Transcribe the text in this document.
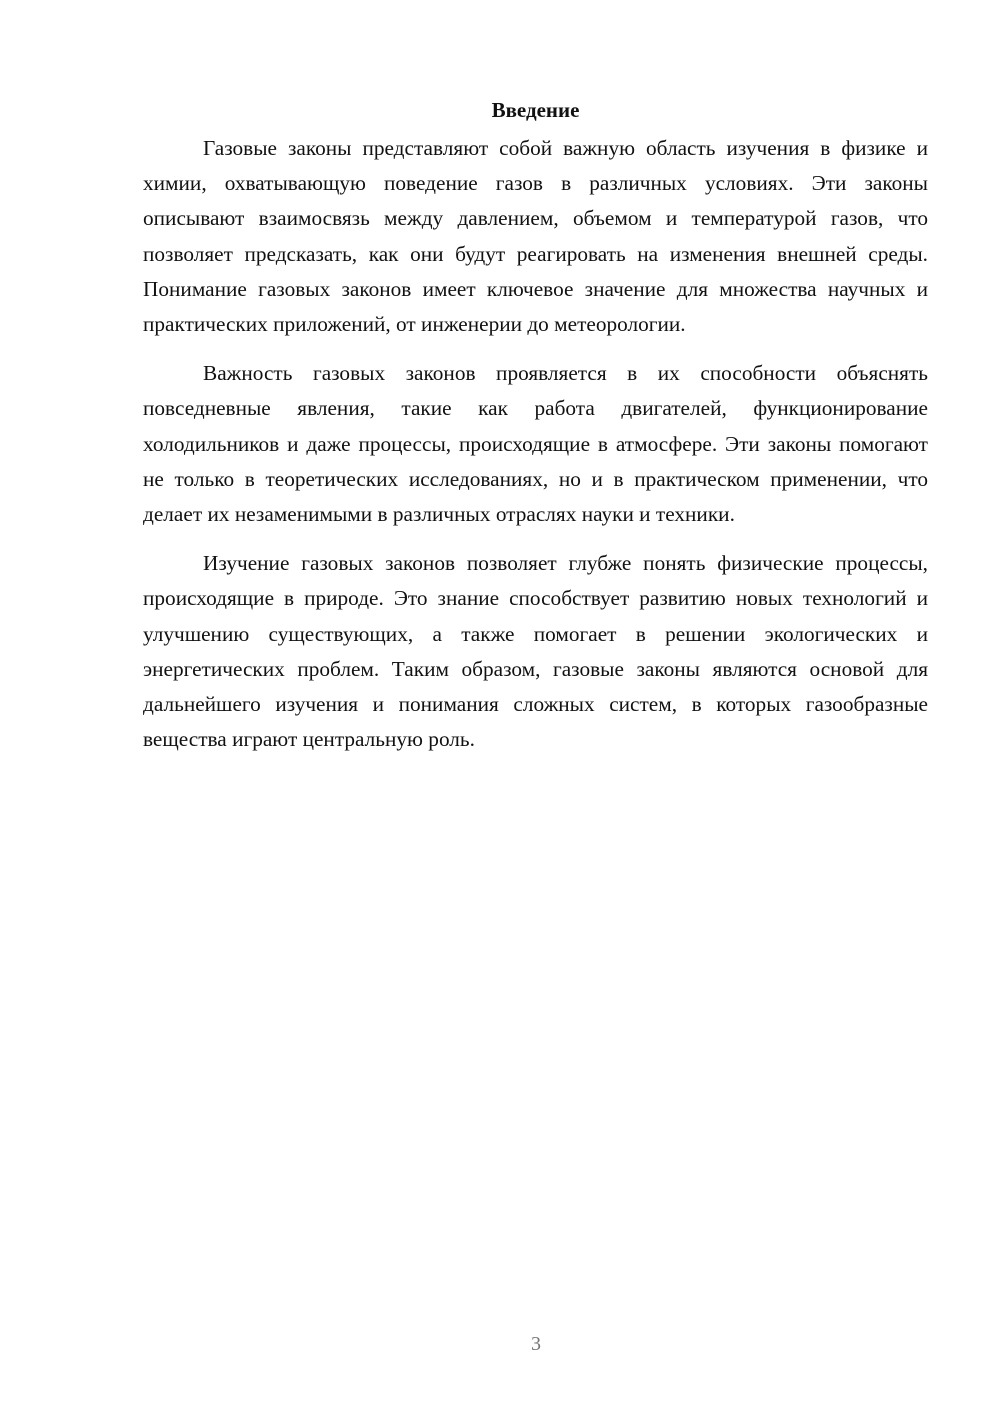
Введение

Газовые законы представляют собой важную область изучения в физике и химии, охватывающую поведение газов в различных условиях. Эти законы описывают взаимосвязь между давлением, объемом и температурой газов, что позволяет предсказать, как они будут реагировать на изменения внешней среды. Понимание газовых законов имеет ключевое значение для множества научных и практических приложений, от инженерии до метеорологии.

Важность газовых законов проявляется в их способности объяснять повседневные явления, такие как работа двигателей, функционирование холодильников и даже процессы, происходящие в атмосфере. Эти законы помогают не только в теоретических исследованиях, но и в практическом применении, что делает их незаменимыми в различных отраслях науки и техники.

Изучение газовых законов позволяет глубже понять физические процессы, происходящие в природе. Это знание способствует развитию новых технологий и улучшению существующих, а также помогает в решении экологических и энергетических проблем. Таким образом, газовые законы являются основой для дальнейшего изучения и понимания сложных систем, в которых газообразные вещества играют центральную роль.

3
